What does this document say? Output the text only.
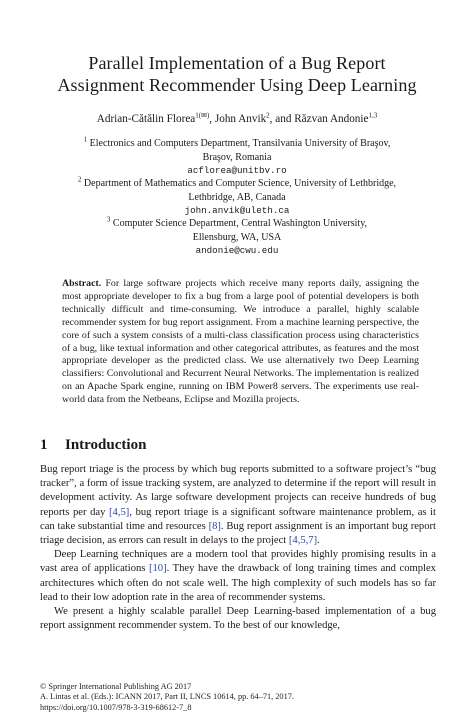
Parallel Implementation of a Bug Report
Assignment Recommender Using Deep Learning
Adrian-Cătălin Florea$^{1(✉)}$, John Anvik$^2$, and Răzvan Andonie$^{1,3}$
$^1$ Electronics and Computers Department, Transilvania University of Braşov,
Braşov, Romania
acflorea@unitbv.ro
$^2$ Department of Mathematics and Computer Science, University of Lethbridge,
Lethbridge, AB, Canada
john.anvik@uleth.ca
$^3$ Computer Science Department, Central Washington University,
Ellensburg, WA, USA
andonie@cwu.edu
Abstract. For large software projects which receive many reports daily, assigning the most appropriate developer to fix a bug from a large pool of potential developers is both technically difficult and time-consuming. We introduce a parallel, highly scalable recommender system for bug report assignment. From a machine learning perspective, the core of such a system consists of a multi-class classification process using characteristics of a bug, like textual information and other categorical attributes, as features and the most appropriate developer as the predicted class. We use alternatively two Deep Learning classifiers: Convolutional and Recurrent Neural Networks. The implementation is realized on an Apache Spark engine, running on IBM Power8 servers. The experiments use real-world data from the Netbeans, Eclipse and Mozilla projects.
1 Introduction

Bug report triage is the process by which bug reports submitted to a software project’s “bug tracker”, a form of issue tracking system, are analyzed to determine if the report will result in development activity. As large software development projects can receive hundreds of bug reports per day [4,5], bug report triage is a significant software maintenance problem, as it can take substantial time and resources [8]. Bug report assignment is an important bug report triage decision, as errors can result in delays to the project [4,5,7].

Deep Learning techniques are a modern tool that provides highly promising results in a vast area of applications [10]. They have the drawback of long training times and complex architectures which often do not scale well. The high complexity of such models has so far lead to their low adoption rate in the area of recommender systems.

We present a highly scalable parallel Deep Learning-based implementation of a bug report assignment recommender system. To the best of our knowledge,

© Springer International Publishing AG 2017
A. Lintas et al. (Eds.): ICANN 2017, Part II, LNCS 10614, pp. 64–71, 2017.
https://doi.org/10.1007/978-3-319-68612-7_8
